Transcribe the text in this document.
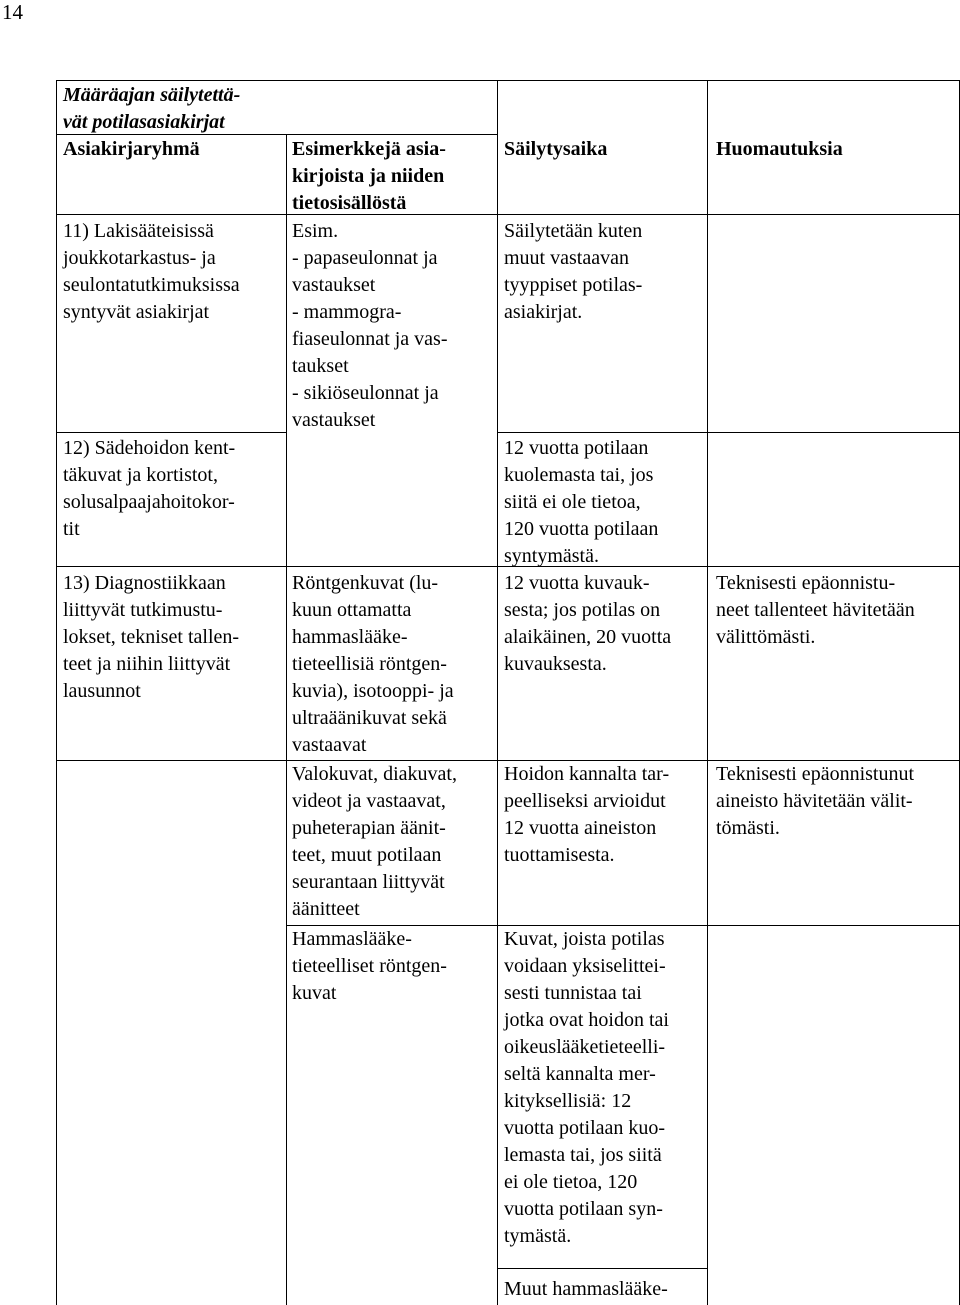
14
Määräajan säilytettä-
vät potilasasiakirjat
Asiakirjaryhmä	Esimerkkejä asia-
kirjoista ja niiden
tietosisällöstä
Säilytysaika	Huomautuksia
11) Lakisääteisissä
joukkotarkastus- ja
seulontatutkimuksissa
syntyvät asiakirjat
Esim.
- papaseulonnat ja
vastaukset
- mammogra-
fiaseulonnat ja vas-
taukset
- sikiöseulonnat ja
vastaukset
Säilytetään kuten
muut vastaavan
tyyppiset potilas-
asiakirjat.
12) Sädehoidon kent-
täkuvat ja kortistot,
solusalpaajahoitokor-
tit
12 vuotta potilaan
kuolemasta tai, jos
siitä ei ole tietoa,
120 vuotta potilaan
syntymästä.
13) Diagnostiikkaan
liittyvät tutkimustu-
lokset, tekniset tallen-
teet ja niihin liittyvät
lausunnot
Röntgenkuvat (lu-
kuun ottamatta
hammaslääke-
tieteellisiä röntgen-
kuvia), isotooppi- ja
ultraäänikuvat sekä
vastaavat
12 vuotta kuvauk-
sesta; jos potilas on
alaikäinen, 20 vuotta
kuvauksesta.
Teknisesti epäonnistu-
neet tallenteet hävitetään
välittömästi.
Valokuvat, diakuvat,
videot ja vastaavat,
puheterapian äänit-
teet, muut potilaan
seurantaan liittyvät
äänitteet
Hoidon kannalta tar-
peelliseksi arvioidut
12 vuotta aineiston
tuottamisesta.
Teknisesti epäonnistunut
aineisto hävitetään välit-
tömästi.
Hammaslääke-
tieteelliset röntgen-
kuvat
Kuvat, joista potilas
voidaan yksiselittei-
sesti tunnistaa tai
jotka ovat hoidon tai
oikeuslääketieteelli-
seltä kannalta mer-
kityksellisiä: 12
vuotta potilaan kuo-
lemasta tai, jos siitä
ei ole tietoa, 120
vuotta potilaan syn-
tymästä.
Muut hammaslääke-
